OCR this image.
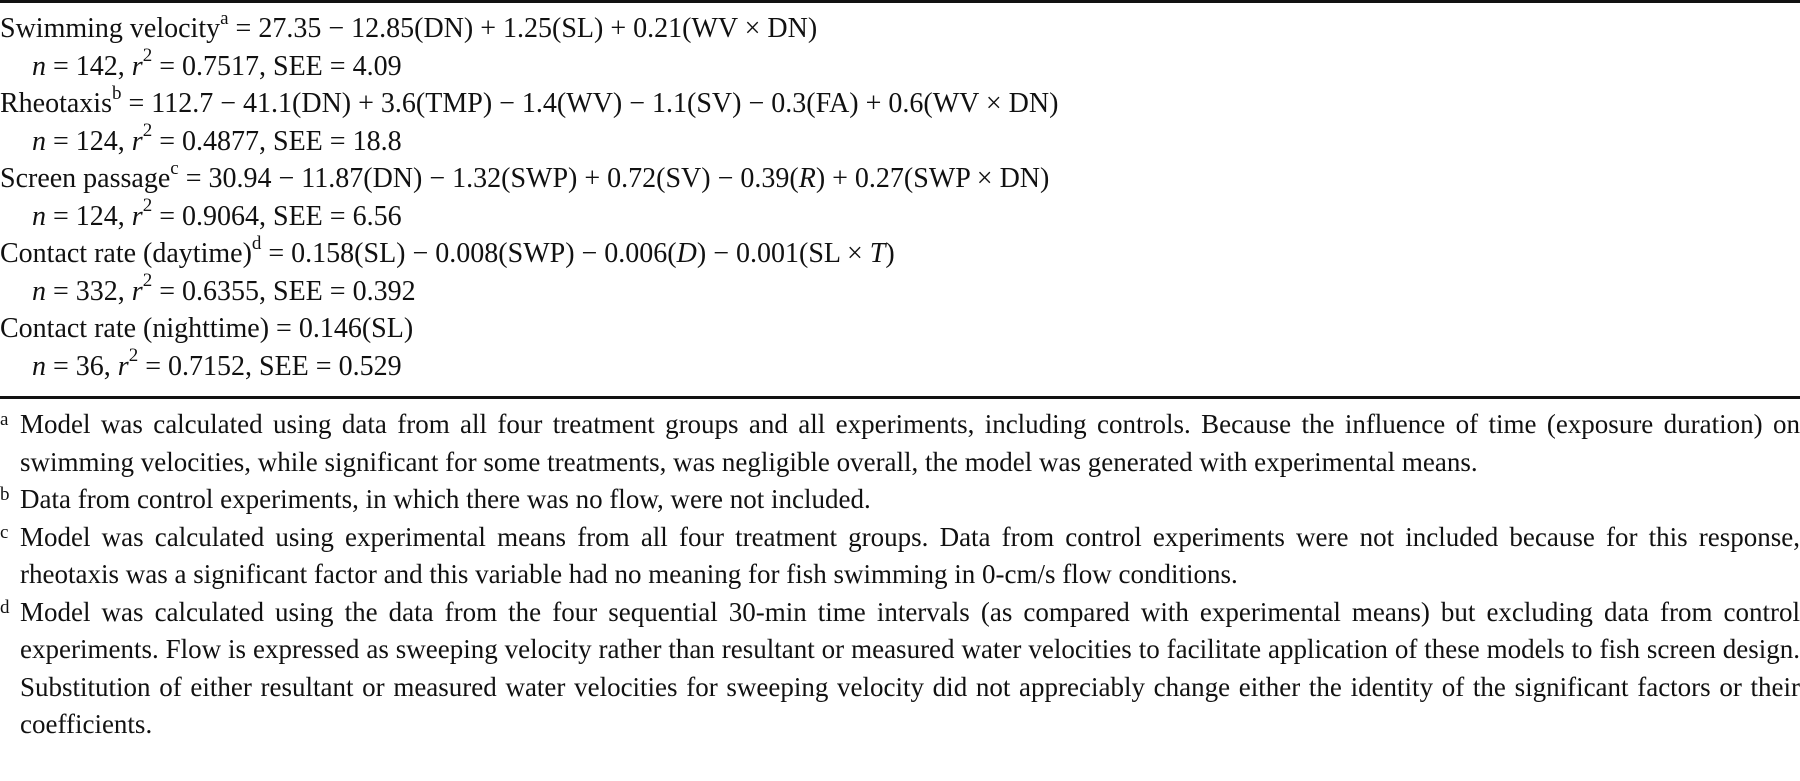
Swimming velocity$^a$ = 27.35 − 12.85(DN) + 1.25(SL) + 0.21(WV × DN)
n = 142, $r^2 = 0.7517$, SEE = 4.09
Rheotaxis$^b$ = 112.7 − 41.1(DN) + 3.6(TMP) − 1.4(WV) − 1.1(SV) − 0.3(FA) + 0.6(WV × DN)
n = 124, $r^2 = 0.4877$, SEE = 18.8
Screen passage$^c$ = 30.94 − 11.87(DN) − 1.32(SWP) + 0.72(SV) − 0.39(R) + 0.27(SWP × DN)
n = 124, $r^2 = 0.9064$, SEE = 6.56
Contact rate (daytime)$^d$ = 0.158(SL) − 0.008(SWP) − 0.006(D) − 0.001(SL × T)
n = 332, $r^2 = 0.6355$, SEE = 0.392
Contact rate (nighttime) = 0.146(SL)
n = 36, $r^2 = 0.7152$, SEE = 0.529
a Model was calculated using data from all four treatment groups and all experiments, including controls. Because the influence of time (exposure duration) on swimming velocities, while significant for some treatments, was negligible overall, the model was generated with experimental means.
b Data from control experiments, in which there was no flow, were not included.
c Model was calculated using experimental means from all four treatment groups. Data from control experiments were not included because for this response, rheotaxis was a significant factor and this variable had no meaning for fish swimming in 0-cm/s flow conditions.
d Model was calculated using the data from the four sequential 30-min time intervals (as compared with experimental means) but excluding data from control experiments. Flow is expressed as sweeping velocity rather than resultant or measured water velocities to facilitate application of these models to fish screen design. Substitution of either resultant or measured water velocities for sweeping velocity did not appreciably change either the identity of the significant factors or their coefficients.
